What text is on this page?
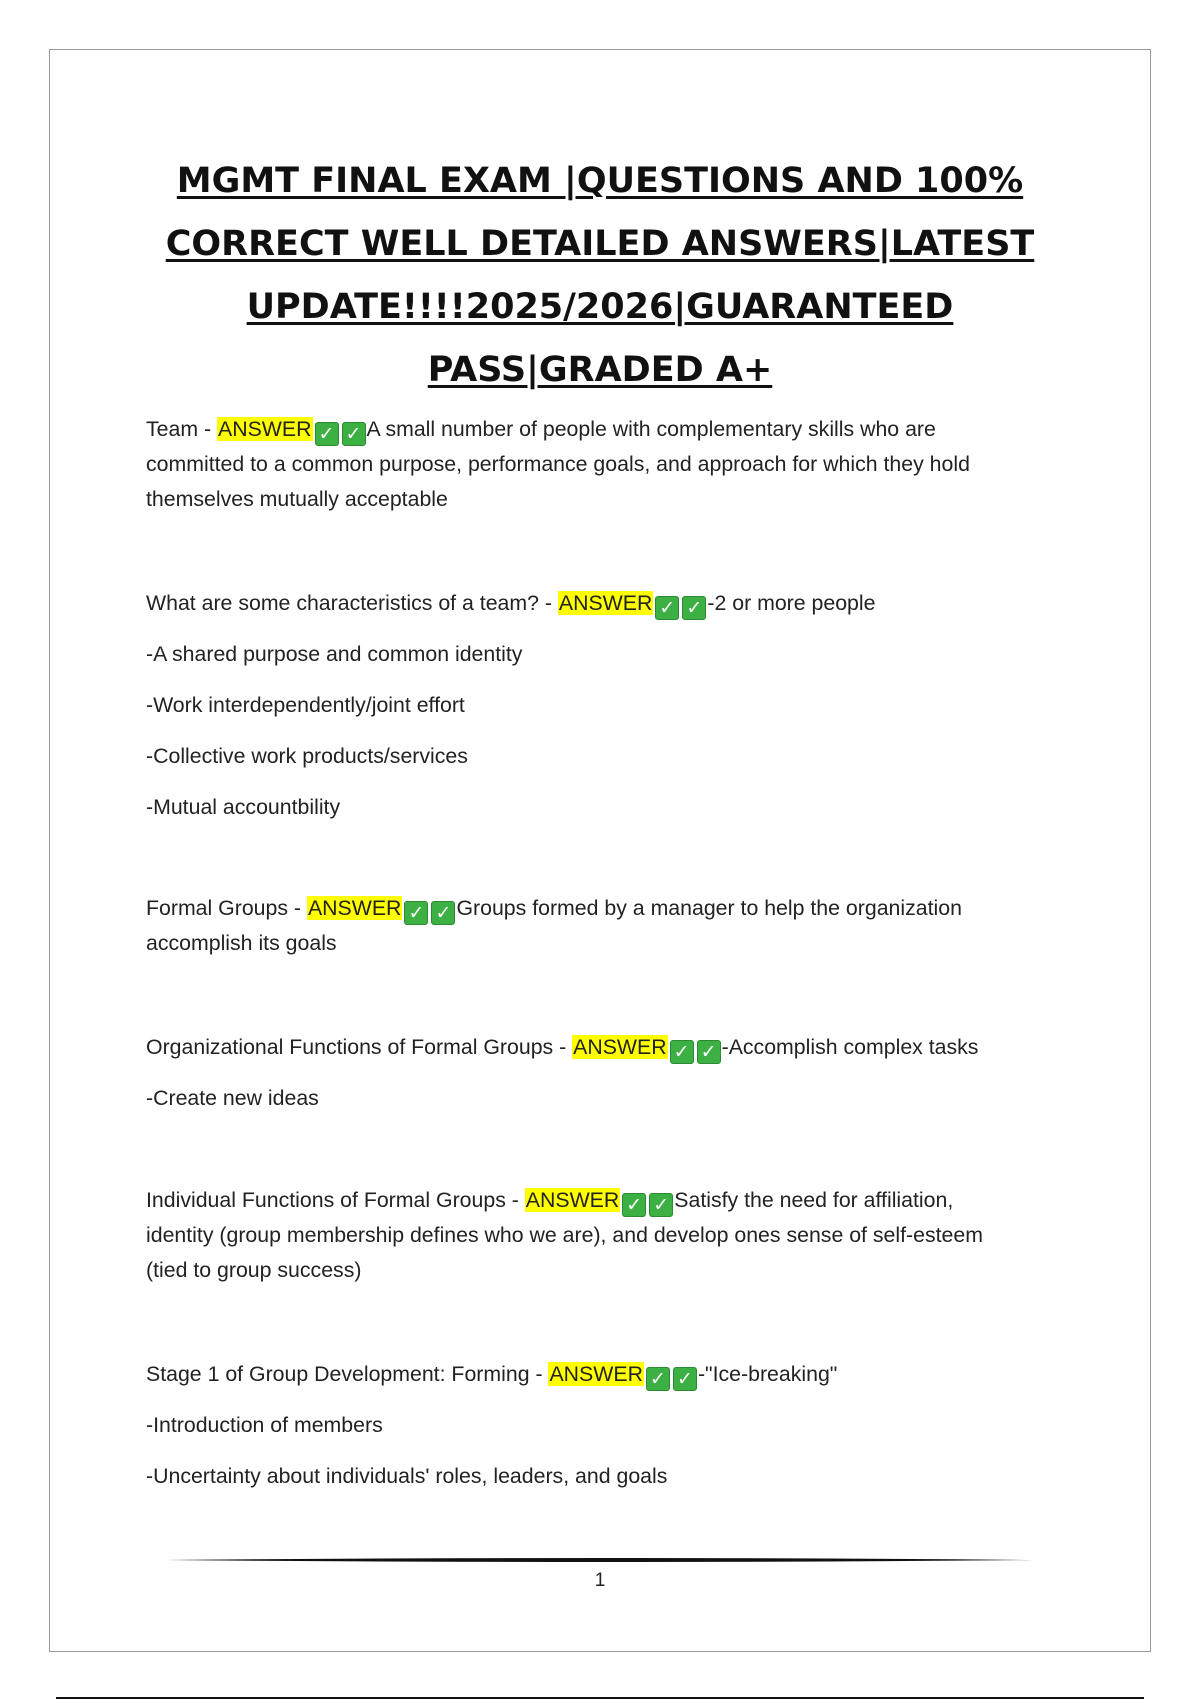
MGMT FINAL EXAM |QUESTIONS AND 100%
CORRECT WELL DETAILED ANSWERS|LATEST
UPDATE!!!!2025/2026|GUARANTEED
PASS|GRADED A+

Team - ANSWER ✓ ✓ A small number of people with complementary skills who are
committed to a common purpose, performance goals, and approach for which they hold
themselves mutually acceptable

What are some characteristics of a team? - ANSWER ✓ ✓ -2 or more people

-A shared purpose and common identity

-Work interdependently/joint effort

-Collective work products/services

-Mutual accountbility

Formal Groups - ANSWER ✓ ✓ Groups formed by a manager to help the organization
accomplish its goals

Organizational Functions of Formal Groups - ANSWER ✓ ✓ -Accomplish complex tasks

-Create new ideas

Individual Functions of Formal Groups - ANSWER ✓ ✓ Satisfy the need for affiliation,
identity (group membership defines who we are), and develop ones sense of self-esteem
(tied to group success)

Stage 1 of Group Development: Forming - ANSWER ✓ ✓ -"Ice-breaking"

-Introduction of members

-Uncertainty about individuals' roles, leaders, and goals

1
